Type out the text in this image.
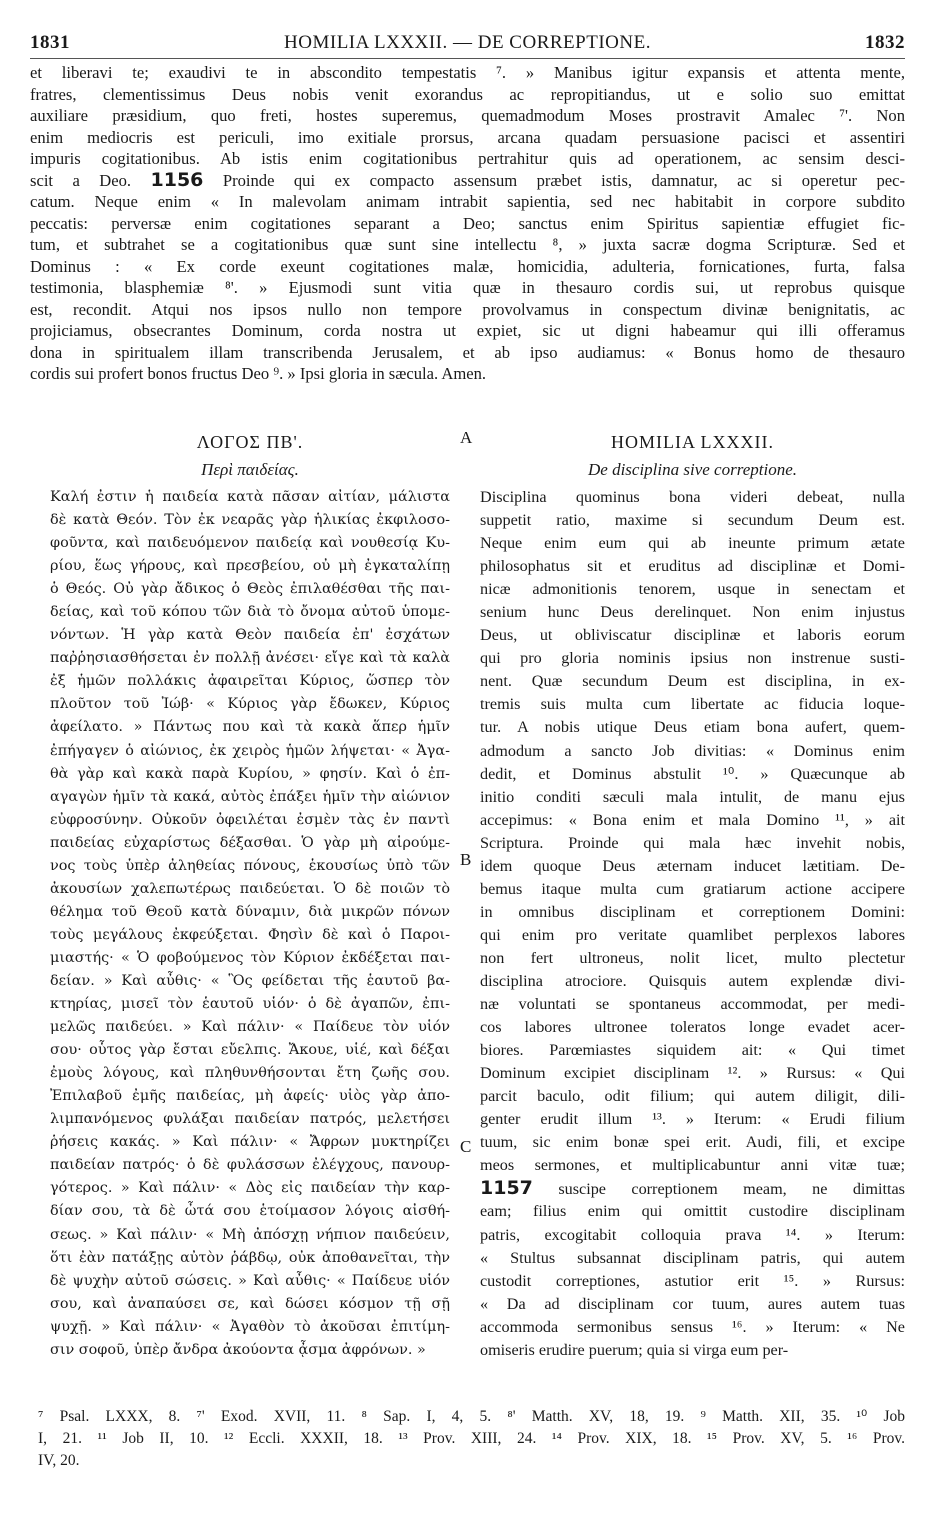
1831	HOMILIA LXXXII. — DE CORREPTIONE.	1832
et liberavi te; exaudivi te in abscondito tempestatis ⁷. » Manibus igitur expansis et attenta mente,
fratres, clementissimus Deus nobis venit exorandus ac repropitiandus, ut e solio suo emittat
auxiliare præsidium, quo freti, hostes superemus, quemadmodum Moses prostravit Amalec ⁷'. Non
enim mediocris est periculi, imo exitiale prorsus, arcana quadam persuasione pacisci et assentiri
impuris cogitationibus. Ab istis enim cogitationibus pertrahitur quis ad operationem, ac sensim desci-
scit a Deo. 1156 Proinde qui ex compacto assensum præbet istis, damnatur, ac si operetur pec-
catum. Neque enim « In malevolam animam intrabit sapientia, sed nec habitabit in corpore subdito
peccatis: perversæ enim cogitationes separant a Deo; sanctus enim Spiritus sapientiæ effugiet fic-
tum, et subtrahet se a cogitationibus quæ sunt sine intellectu ⁸, » juxta sacræ dogma Scripturæ. Sed et
Dominus : « Ex corde exeunt cogitationes malæ, homicidia, adulteria, fornicationes, furta, falsa
testimonia, blasphemiæ ⁸'. » Ejusmodi sunt vitia quæ in thesauro cordis sui, ut reprobus quisque
est, recondit. Atqui nos ipsos nullo non tempore provolvamus in conspectum divinæ benignitatis, ac
projiciamus, obsecrantes Dominum, corda nostra ut expiet, sic ut digni habeamur qui illi offeramus
dona in spiritualem illam transcribenda Jerusalem, et ab ipso audiamus: « Bonus homo de thesauro
cordis sui profert bonos fructus Deo ⁹. » Ipsi gloria in sæcula. Amen.
A
B
C
ΛΟΓΟΣ ΠΒ'.
Περὶ παιδείας.
Καλή ἐστιν ἡ παιδεία κατὰ πᾶσαν αἰτίαν, μάλιστα
δὲ κατὰ Θεόν. Τὸν ἐκ νεαρᾶς γὰρ ἡλικίας ἐκφιλοσο-
φοῦντα, καὶ παιδευόμενον παιδείᾳ καὶ νουθεσίᾳ Κυ-
ρίου, ἕως γήρους, καὶ πρεσβείου, οὐ μὴ ἐγκαταλίπῃ
ὁ Θεός. Οὐ γὰρ ἄδικος ὁ Θεὸς ἐπιλαθέσθαι τῆς παι-
δείας, καὶ τοῦ κόπου τῶν διὰ τὸ ὄνομα αὐτοῦ ὑπομε-
νόντων. Ἡ γὰρ κατὰ Θεὸν παιδεία ἐπ' ἐσχάτων
παῤῥησιασθήσεται ἐν πολλῇ ἀνέσει· εἴγε καὶ τὰ καλὰ
ἐξ ἡμῶν πολλάκις ἀφαιρεῖται Κύριος, ὥσπερ τὸν
πλοῦτον τοῦ Ἰώβ· « Κύριος γὰρ ἔδωκεν, Κύριος
ἀφείλατο. » Πάντως που καὶ τὰ κακὰ ἅπερ ἡμῖν
ἐπήγαγεν ὁ αἰώνιος, ἐκ χειρὸς ἡμῶν λήψεται· « Ἀγα-
θὰ γὰρ καὶ κακὰ παρὰ Κυρίου, » φησίν. Καὶ ὁ ἐπ-
αγαγὼν ἡμῖν τὰ κακά, αὐτὸς ἐπάξει ἡμῖν τὴν αἰώνιον
εὐφροσύνην. Οὐκοῦν ὀφειλέται ἐσμὲν τὰς ἐν παντὶ
παιδείας εὐχαρίστως δέξασθαι. Ὁ γὰρ μὴ αἱρούμε-
νος τοὺς ὑπὲρ ἀληθείας πόνους, ἑκουσίως ὑπὸ τῶν
ἀκουσίων χαλεπωτέρως παιδεύεται. Ὁ δὲ ποιῶν τὸ
θέλημα τοῦ Θεοῦ κατὰ δύναμιν, διὰ μικρῶν πόνων
τοὺς μεγάλους ἐκφεύξεται. Φησὶν δὲ καὶ ὁ Παροι-
μιαστής· « Ὁ φοβούμενος τὸν Κύριον ἐκδέξεται παι-
δείαν. » Καὶ αὖθις· « Ὃς φείδεται τῆς ἑαυτοῦ βα-
κτηρίας, μισεῖ τὸν ἑαυτοῦ υἱόν· ὁ δὲ ἀγαπῶν, ἐπι-
μελῶς παιδεύει. » Καὶ πάλιν· « Παίδευε τὸν υἱόν
σου· οὗτος γὰρ ἔσται εὔελπις. Ἄκουε, υἱέ, καὶ δέξαι
ἐμοὺς λόγους, καὶ πληθυνθήσονται ἔτη ζωῆς σου.
Ἐπιλαβοῦ ἐμῆς παιδείας, μὴ ἀφείς· υἱὸς γὰρ ἀπο-
λιμπανόμενος φυλάξαι παιδείαν πατρός, μελετήσει
ῥήσεις κακάς. » Καὶ πάλιν· « Ἄφρων μυκτηρίζει
παιδείαν πατρός· ὁ δὲ φυλάσσων ἐλέγχους, πανουρ-
γότερος. » Καὶ πάλιν· « Δὸς εἰς παιδείαν τὴν καρ-
δίαν σου, τὰ δὲ ὦτά σου ἑτοίμασον λόγοις αἰσθή-
σεως. » Καὶ πάλιν· « Μὴ ἀπόσχῃ νήπιον παιδεύειν,
ὅτι ἐὰν πατάξῃς αὐτὸν ῥάβδῳ, οὐκ ἀποθανεῖται, τὴν
δὲ ψυχὴν αὐτοῦ σώσεις. » Καὶ αὖθις· « Παίδευε υἱόν
σου, καὶ ἀναπαύσει σε, καὶ δώσει κόσμον τῇ σῇ
ψυχῇ. » Καὶ πάλιν· « Ἀγαθὸν τὸ ἀκοῦσαι ἐπιτίμη-
σιν σοφοῦ, ὑπὲρ ἄνδρα ἀκούοντα ᾆσμα ἀφρόνων. »
HOMILIA LXXXII.
De disciplina sive correptione.
Disciplina quominus bona videri debeat, nulla
suppetit ratio, maxime si secundum Deum est.
Neque enim eum qui ab ineunte primum ætate
philosophatus sit et eruditus ad disciplinæ et Domi-
nicæ admonitionis tenorem, usque in senectam et
senium hunc Deus derelinquet. Non enim injustus
Deus, ut obliviscatur disciplinæ et laboris eorum
qui pro gloria nominis ipsius non instrenue susti-
nent. Quæ secundum Deum est disciplina, in ex-
tremis suis multa cum libertate ac fiducia loque-
tur. A nobis utique Deus etiam bona aufert, quem-
admodum a sancto Job divitias: « Dominus enim
dedit, et Dominus abstulit ¹⁰. » Quæcunque ab
initio conditi sæculi mala intulit, de manu ejus
accepimus: « Bona enim et mala Domino ¹¹, » ait
Scriptura. Proinde qui mala hæc invehit nobis,
idem quoque Deus æternam inducet lætitiam. De-
bemus itaque multa cum gratiarum actione accipere
in omnibus disciplinam et correptionem Domini:
qui enim pro veritate quamlibet perplexos labores
non fert ultroneus, nolit licet, multo plectetur
disciplina atrociore. Quisquis autem explendæ divi-
næ voluntati se spontaneus accommodat, per medi-
cos labores ultronee toleratos longe evadet acer-
biores. Parœmiastes siquidem ait: « Qui timet
Dominum excipiet disciplinam ¹². » Rursus: « Qui
parcit baculo, odit filium; qui autem diligit, dili-
genter erudit illum ¹³. » Iterum: « Erudi filium
tuum, sic enim bonæ spei erit. Audi, fili, et excipe
meos sermones, et multiplicabuntur anni vitæ tuæ;
1157 suscipe correptionem meam, ne dimittas
eam; filius enim qui omittit custodire disciplinam
patris, excogitabit colloquia prava ¹⁴. » Iterum:
« Stultus subsannat disciplinam patris, qui autem
custodit correptiones, astutior erit ¹⁵. » Rursus:
« Da ad disciplinam cor tuum, aures autem tuas
accommoda sermonibus sensus ¹⁶. » Iterum: « Ne
omiseris erudire puerum; quia si virga eum per-
⁷ Psal. LXXX, 8. ⁷' Exod. XVII, 11. ⁸ Sap. I, 4, 5. ⁸' Matth. XV, 18, 19. ⁹ Matth. XII, 35. ¹⁰ Job
I, 21. ¹¹ Job II, 10. ¹² Eccli. XXXII, 18. ¹³ Prov. XIII, 24. ¹⁴ Prov. XIX, 18. ¹⁵ Prov. XV, 5. ¹⁶ Prov.
IV, 20.
